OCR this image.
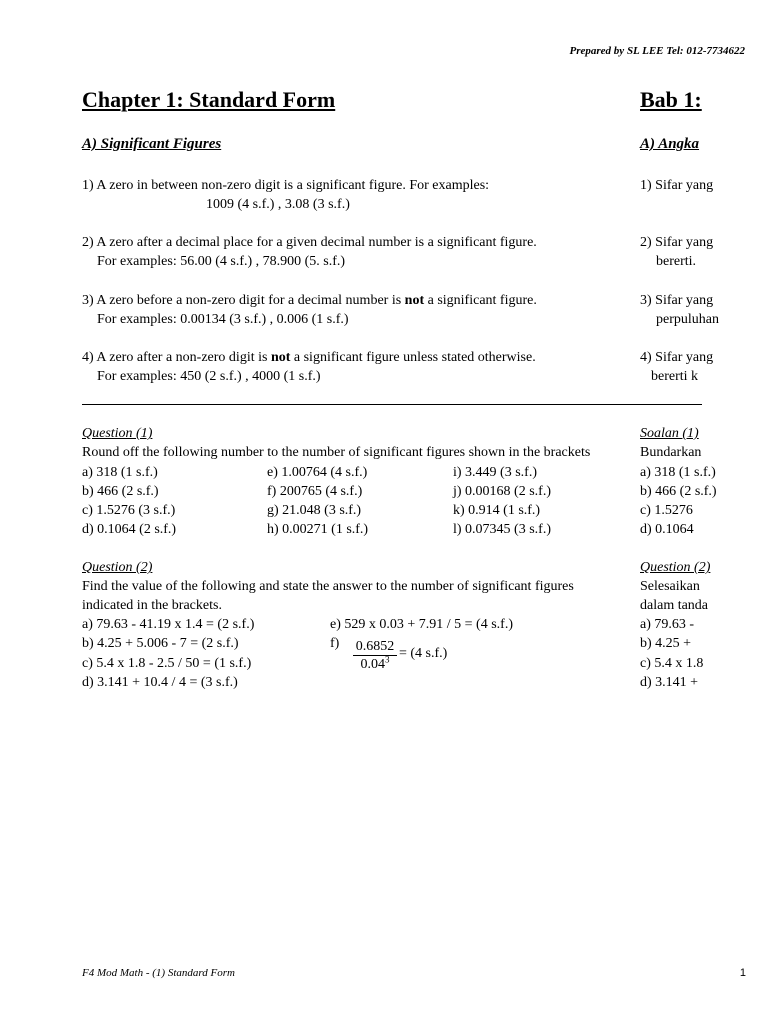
Prepared by SL LEE Tel: 012-7734622
Chapter 1: Standard Form
A) Significant Figures
1) A zero in between non-zero digit is a significant figure. For examples:
1009 (4 s.f.) , 3.08 (3 s.f.)
2) A zero after a decimal place for a given decimal number is a significant figure.
For examples: 56.00 (4 s.f.) , 78.900 (5. s.f.)
3) A zero before a non-zero digit for a decimal number is not a significant figure.
For examples: 0.00134 (3 s.f.) , 0.006 (1 s.f.)
4) A zero after a non-zero digit is not a significant figure unless stated otherwise.
For examples: 450 (2 s.f.) , 4000 (1 s.f.)
Question (1)
Round off the following number to the number of significant figures shown in the brackets
a) 318 (1 s.f.)
b) 466 (2 s.f.)
c) 1.5276 (3 s.f.)
d) 0.1064 (2 s.f.)
e) 1.00764 (4 s.f.)
f) 200765 (4 s.f.)
g) 21.048 (3 s.f.)
h) 0.00271 (1 s.f.)
i) 3.449 (3 s.f.)
j) 0.00168 (2 s.f.)
k) 0.914 (1 s.f.)
l) 0.07345 (3 s.f.)
Question (2)
Find the value of the following and state the answer to the number of significant figures
indicated in the brackets.
a) 79.63 - 41.19 x 1.4 = (2 s.f.)
b) 4.25 + 5.006 - 7 = (2 s.f.)
c) 5.4 x 1.8 - 2.5 / 50 = (1 s.f.)
d) 3.141 + 10.4 / 4 = (3 s.f.)
e) 529 x 0.03 + 7.91 / 5 = (4 s.f.)
$f) \frac{0.6852}{0.04^3} = (4$ s.f.)
Bab 1:
A) Angka
1) Sifar yang
2) Sifar yang
bererti.
3) Sifar yang
perpuluhan
4) Sifar yang
bererti k
Soalan (1)
Bundarkan
a) 318 (1 s.f.)
b) 466 (2 s.f.)
c) 1.5276
d) 0.1064
Question (2)
Selesaikan
dalam tanda
a) 79.63 -
b) 4.25 +
c) 5.4 x 1.8
d) 3.141 +
F4 Mod Math - (1) Standard Form	1
